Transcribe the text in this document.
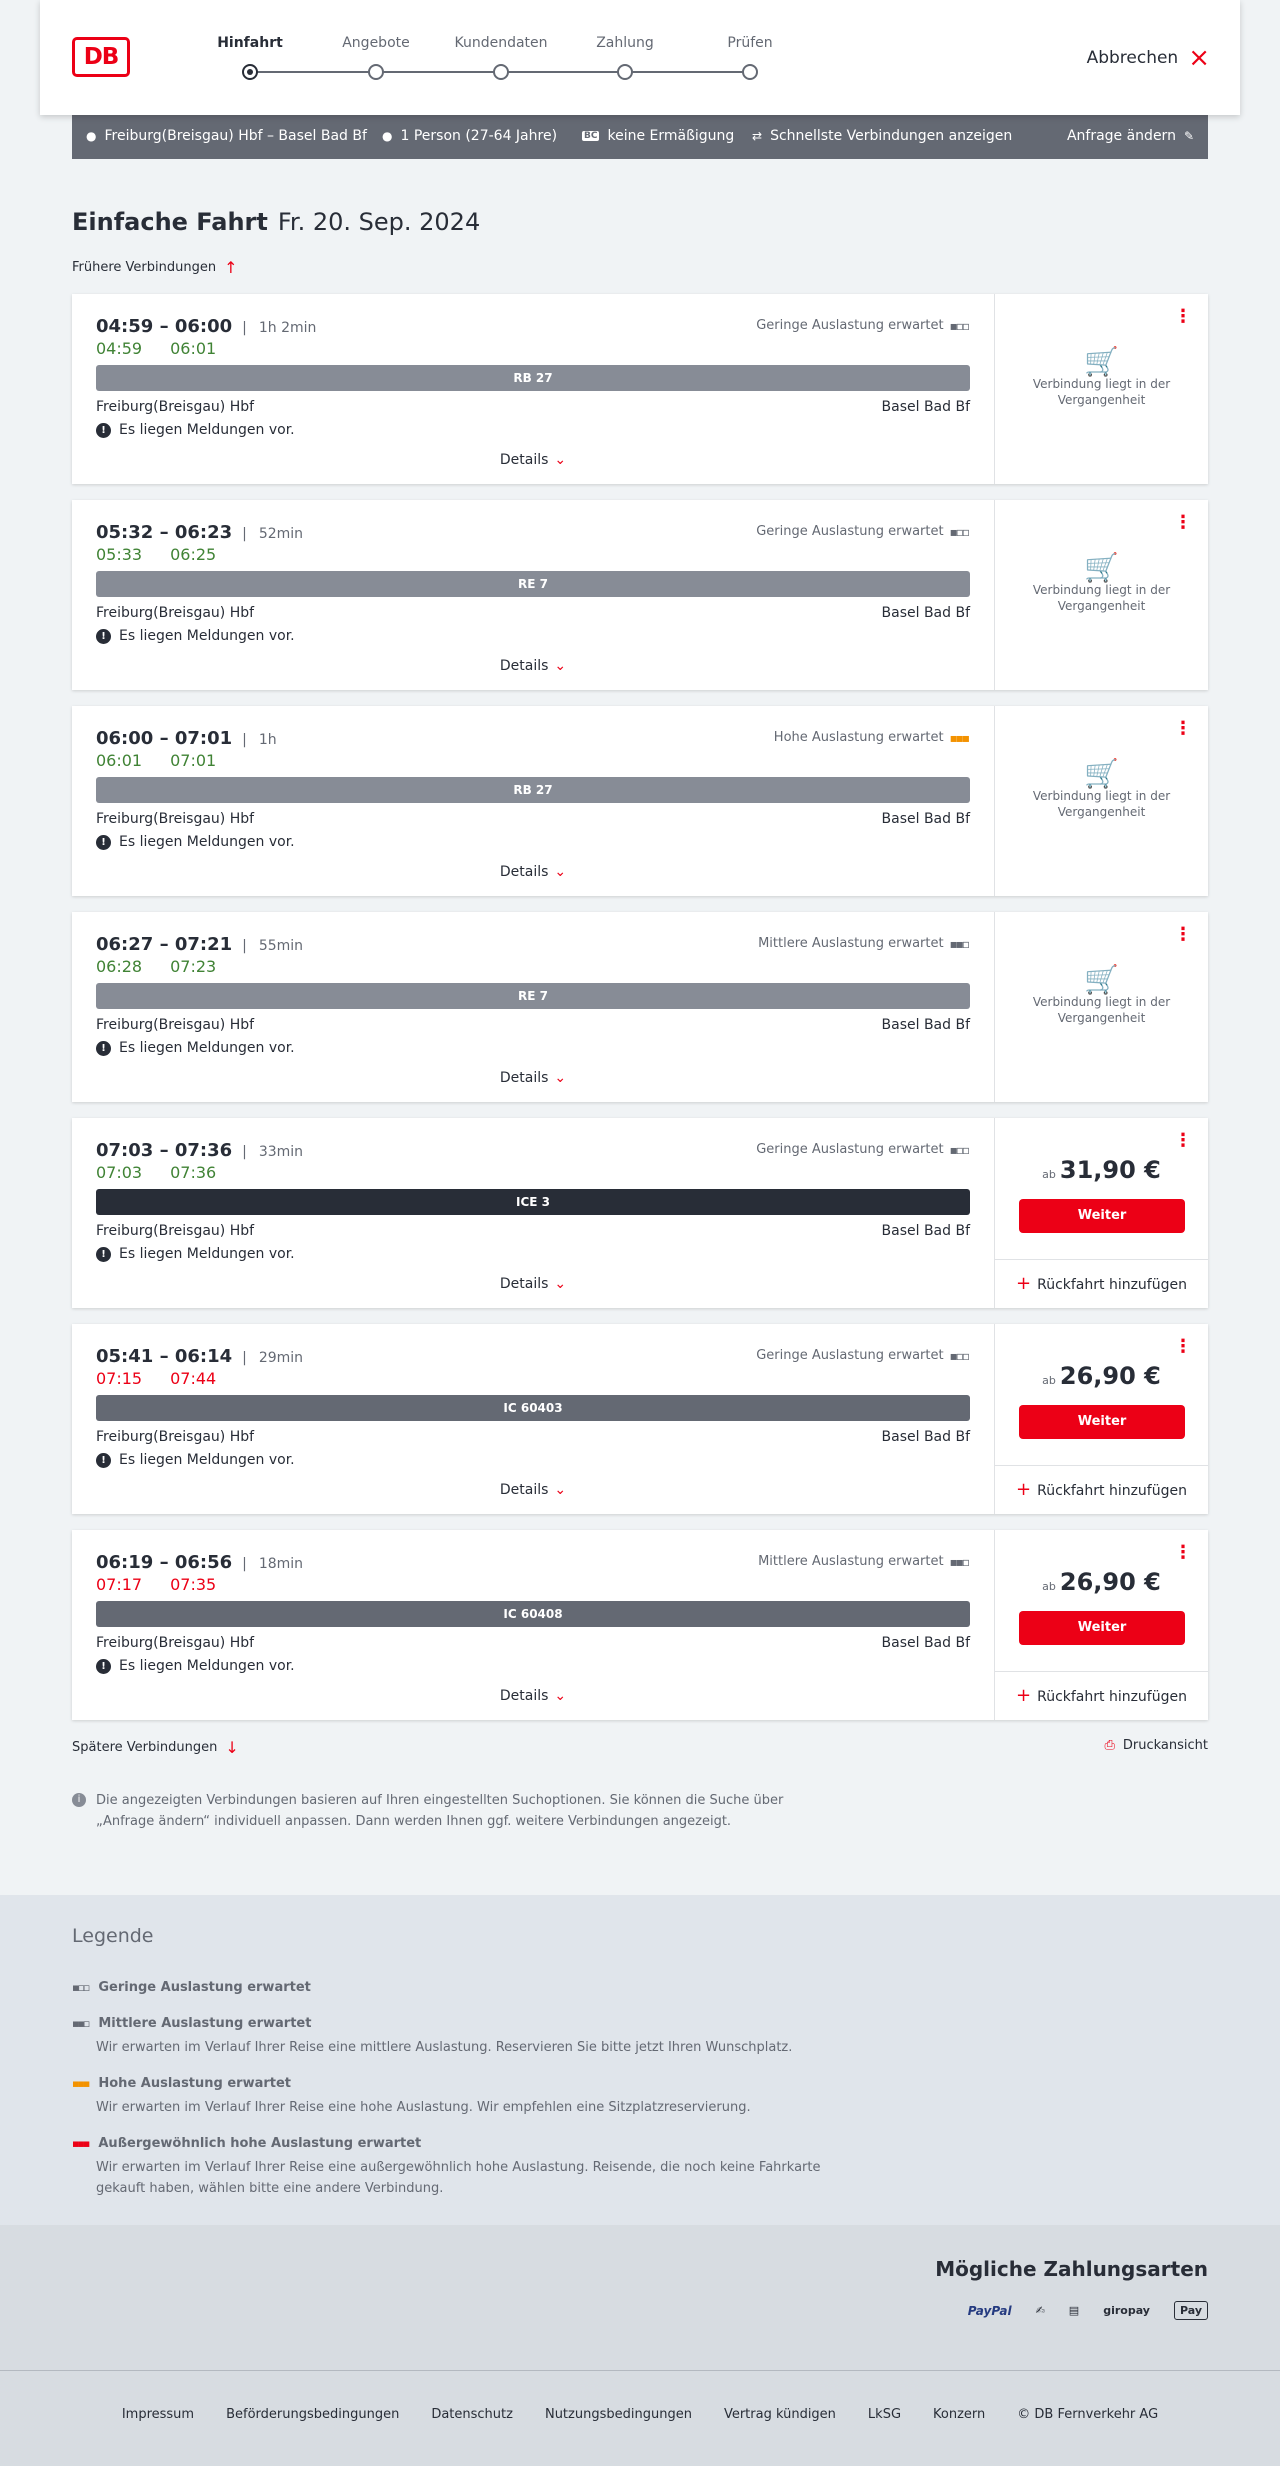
DB
Hinfahrt	Angebote	Kundendaten	Zahlung	Prüfen
Abbrechen ×
● Freiburg(Breisgau) Hbf – Basel Bad Bf ● 1 Person (27-64 Jahre)	BC keine Ermäßigung ⇄ Schnellste Verbindungen anzeigen	Anfrage ändern ✎
Einfache Fahrt Fr. 20. Sep. 2024
Frühere Verbindungen ↑
04:59 – 06:00 | 1h 2min
04:59 06:01
Geringe Auslastung erwartet ▪▫▫
RB 27
Freiburg(Breisgau) Hbf	Basel Bad Bf
! Es liegen Meldungen vor.
Details ⌄
⋮
🛒
Verbindung liegt in der Vergangenheit
05:32 – 06:23 | 52min
05:33 06:25
Geringe Auslastung erwartet ▪▫▫
RE 7
Freiburg(Breisgau) Hbf	Basel Bad Bf
! Es liegen Meldungen vor.
Details ⌄
⋮
🛒
Verbindung liegt in der Vergangenheit
06:00 – 07:01 | 1h
06:01 07:01
Hohe Auslastung erwartet ▪▪▪
RB 27
Freiburg(Breisgau) Hbf	Basel Bad Bf
! Es liegen Meldungen vor.
Details ⌄
⋮
🛒
Verbindung liegt in der Vergangenheit
06:27 – 07:21 | 55min
06:28 07:23
Mittlere Auslastung erwartet ▪▪▫
RE 7
Freiburg(Breisgau) Hbf	Basel Bad Bf
! Es liegen Meldungen vor.
Details ⌄
⋮
🛒
Verbindung liegt in der Vergangenheit
07:03 – 07:36 | 33min
07:03 07:36
Geringe Auslastung erwartet ▪▫▫
ICE 3
Freiburg(Breisgau) Hbf	Basel Bad Bf
! Es liegen Meldungen vor.
Details ⌄
⋮
ab 31,90 €
Weiter
+ Rückfahrt hinzufügen
05:41 – 06:14 | 29min
07:15 07:44
Geringe Auslastung erwartet ▪▫▫
IC 60403
Freiburg(Breisgau) Hbf	Basel Bad Bf
! Es liegen Meldungen vor.
Details ⌄
⋮
ab 26,90 €
Weiter
+ Rückfahrt hinzufügen
06:19 – 06:56 | 18min
07:17 07:35
Mittlere Auslastung erwartet ▪▪▫
IC 60408
Freiburg(Breisgau) Hbf	Basel Bad Bf
! Es liegen Meldungen vor.
Details ⌄
⋮
ab 26,90 €
Weiter
+ Rückfahrt hinzufügen
Spätere Verbindungen ↓	⎙ Druckansicht
i	Die angezeigten Verbindungen basieren auf Ihren eingestellten Suchoptionen. Sie können die Suche über „Anfrage ändern“ individuell anpassen. Dann werden Ihnen ggf. weitere Verbindungen angezeigt.
Legende
▪▫▫ Geringe Auslastung erwartet
▪▪▫ Mittlere Auslastung erwartet
Wir erwarten im Verlauf Ihrer Reise eine mittlere Auslastung. Reservieren Sie bitte jetzt Ihren Wunschplatz.
▪▪▪ Hohe Auslastung erwartet
Wir erwarten im Verlauf Ihrer Reise eine hohe Auslastung. Wir empfehlen eine Sitzplatzreservierung.
▪▪▪ Außergewöhnlich hohe Auslastung erwartet
Wir erwarten im Verlauf Ihrer Reise eine außergewöhnlich hohe Auslastung. Reisende, die noch keine Fahrkarte gekauft haben, wählen bitte eine andere Verbindung.
Mögliche Zahlungsarten
PayPal ✍ ▤ giropay	Pay
Impressum Beförderungsbedingungen Datenschutz Nutzungsbedingungen Vertrag kündigen LkSG Konzern © DB Fernverkehr AG
